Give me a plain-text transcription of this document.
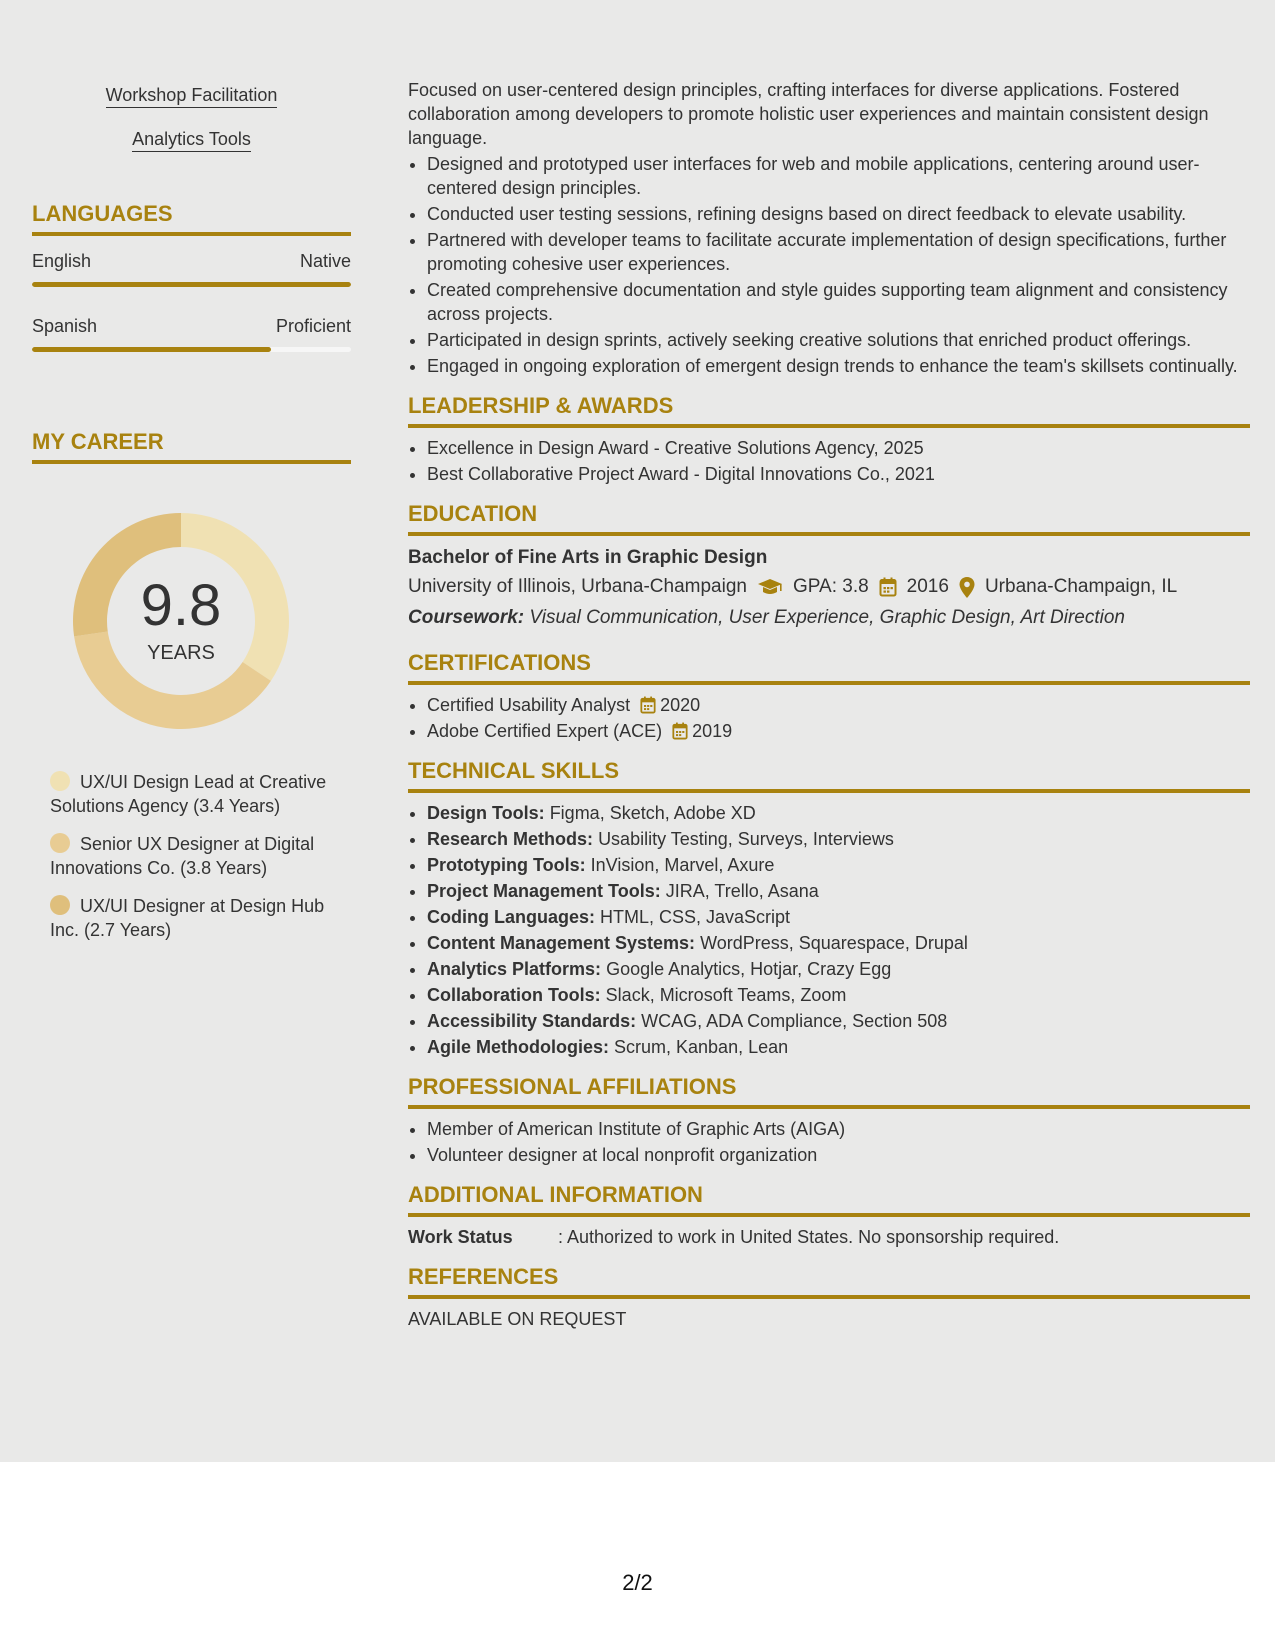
Workshop Facilitation
Analytics Tools
LANGUAGES
English	Native
Spanish	Proficient
MY CAREER
9.8
YEARS
UX/UI Design Lead at Creative Solutions Agency (3.4 Years)
Senior UX Designer at Digital Innovations Co. (3.8 Years)
UX/UI Designer at Design Hub Inc. (2.7 Years)

Focused on user-centered design principles, crafting interfaces for diverse applications. Fostered collaboration among developers to promote holistic user experiences and maintain consistent design language.

• Designed and prototyped user interfaces for web and mobile applications, centering around user-centered design principles.
• Conducted user testing sessions, refining designs based on direct feedback to elevate usability.
• Partnered with developer teams to facilitate accurate implementation of design specifications, further promoting cohesive user experiences.
• Created comprehensive documentation and style guides supporting team alignment and consistency across projects.
• Participated in design sprints, actively seeking creative solutions that enriched product offerings.
• Engaged in ongoing exploration of emergent design trends to enhance the team's skillsets continually.
LEADERSHIP & AWARDS
• Excellence in Design Award - Creative Solutions Agency, 2025
• Best Collaborative Project Award - Digital Innovations Co., 2021
EDUCATION
Bachelor of Fine Arts in Graphic Design
University of Illinois, Urbana-Champaign GPA: 3.8 2016 Urbana-Champaign, IL
Coursework: Visual Communication, User Experience, Graphic Design, Art Direction
CERTIFICATIONS
• Certified Usability Analyst 2020
• Adobe Certified Expert (ACE) 2019
TECHNICAL SKILLS
• Design Tools: Figma, Sketch, Adobe XD
• Research Methods: Usability Testing, Surveys, Interviews
• Prototyping Tools: InVision, Marvel, Axure
• Project Management Tools: JIRA, Trello, Asana
• Coding Languages: HTML, CSS, JavaScript
• Content Management Systems: WordPress, Squarespace, Drupal
• Analytics Platforms: Google Analytics, Hotjar, Crazy Egg
• Collaboration Tools: Slack, Microsoft Teams, Zoom
• Accessibility Standards: WCAG, ADA Compliance, Section 508
• Agile Methodologies: Scrum, Kanban, Lean
PROFESSIONAL AFFILIATIONS
• Member of American Institute of Graphic Arts (AIGA)
• Volunteer designer at local nonprofit organization
ADDITIONAL INFORMATION
Work Status	: Authorized to work in United States. No sponsorship required.
REFERENCES
AVAILABLE ON REQUEST
2/2
